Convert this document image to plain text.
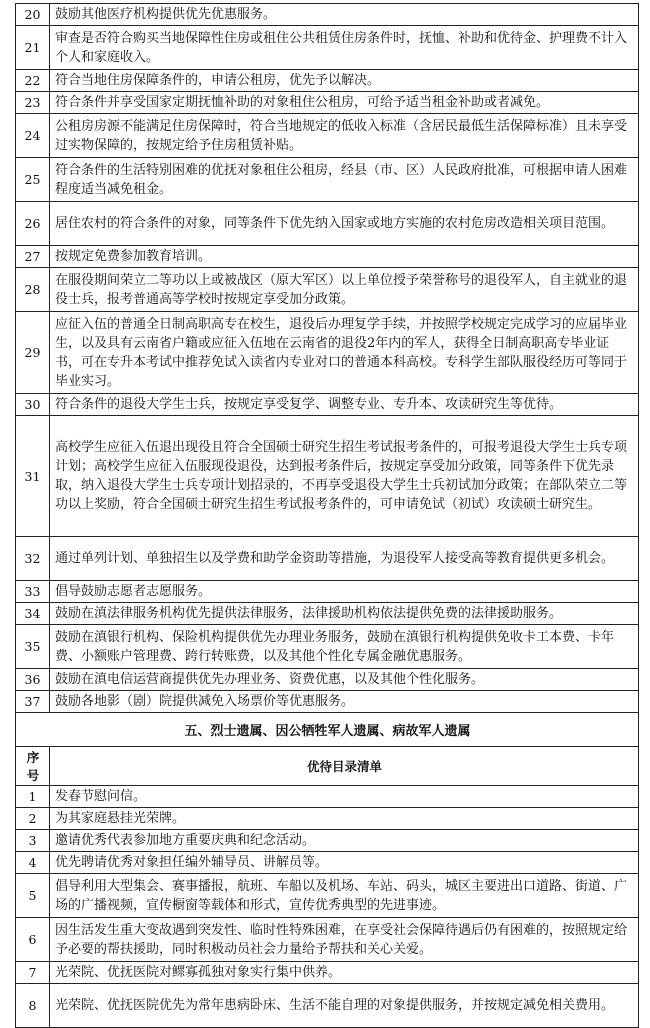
20	鼓励其他医疗机构提供优先优惠服务。
21	审查是否符合购买当地保障性住房或租住公共租赁住房条件时，抚恤、补助和优待金、护理费不计入个人和家庭收入。
22	符合当地住房保障条件的，申请公租房，优先予以解决。
23	符合条件并享受国家定期抚恤补助的对象租住公租房，可给予适当租金补助或者减免。
24	公租房房源不能满足住房保障时，符合当地规定的低收入标准（含居民最低生活保障标准）且未享受过实物保障的，按规定给予住房租赁补贴。
25	符合条件的生活特别困难的优抚对象租住公租房，经县（市、区）人民政府批准，可根据申请人困难程度适当减免租金。
26	居住农村的符合条件的对象，同等条件下优先纳入国家或地方实施的农村危房改造相关项目范围。
27	按规定免费参加教育培训。
28	在服役期间荣立二等功以上或被战区（原大军区）以上单位授予荣誉称号的退役军人，自主就业的退役士兵，报考普通高等学校时按规定享受加分政策。
29	应征入伍的普通全日制高职高专在校生，退役后办理复学手续，并按照学校规定完成学习的应届毕业生，以及具有云南省户籍或应征入伍地在云南省的退役2年内的军人，获得全日制高职高专毕业证书，可在专升本考试中推荐免试入读省内专业对口的普通本科高校。专科学生部队服役经历可等同于毕业实习。
30	符合条件的退役大学生士兵，按规定享受复学、调整专业、专升本、攻读研究生等优待。
31	高校学生应征入伍退出现役且符合全国硕士研究生招生考试报考条件的，可报考退役大学生士兵专项计划；高校学生应征入伍服现役退役，达到报考条件后，按规定享受加分政策，同等条件下优先录取，纳入退役大学生士兵专项计划招录的，不再享受退役大学生士兵初试加分政策；在部队荣立二等功以上奖励，符合全国硕士研究生招生考试报考条件的，可申请免试（初试）攻读硕士研究生。
32	通过单列计划、单独招生以及学费和助学金资助等措施，为退役军人接受高等教育提供更多机会。
33	倡导鼓励志愿者志愿服务。
34	鼓励在滇法律服务机构优先提供法律服务，法律援助机构依法提供免费的法律援助服务。
35	鼓励在滇银行机构、保险机构提供优先办理业务服务，鼓励在滇银行机构提供免收卡工本费、卡年费、小额账户管理费、跨行转账费，以及其他个性化专属金融优惠服务。
36	鼓励在滇电信运营商提供优先办理业务、资费优惠，以及其他个性化服务。
37	鼓励各地影（剧）院提供减免入场票价等优惠服务。
五、烈士遗属、因公牺牲军人遗属、病故军人遗属	
序号	优待目录清单
1	发春节慰问信。
2	为其家庭悬挂光荣牌。
3	邀请优秀代表参加地方重要庆典和纪念活动。
4	优先聘请优秀对象担任编外辅导员、讲解员等。
5	倡导利用大型集会、赛事播报，航班、车船以及机场、车站、码头，城区主要进出口道路、街道、广场的广播视频，宣传橱窗等载体和形式，宣传优秀典型的先进事迹。
6	因生活发生重大变故遇到突发性、临时性特殊困难，在享受社会保障待遇后仍有困难的，按照规定给予必要的帮扶援助，同时积极动员社会力量给予帮扶和关心关爱。
7	光荣院、优抚医院对鳏寡孤独对象实行集中供养。
8	光荣院、优抚医院优先为常年患病卧床、生活不能自理的对象提供服务，并按规定减免相关费用。
